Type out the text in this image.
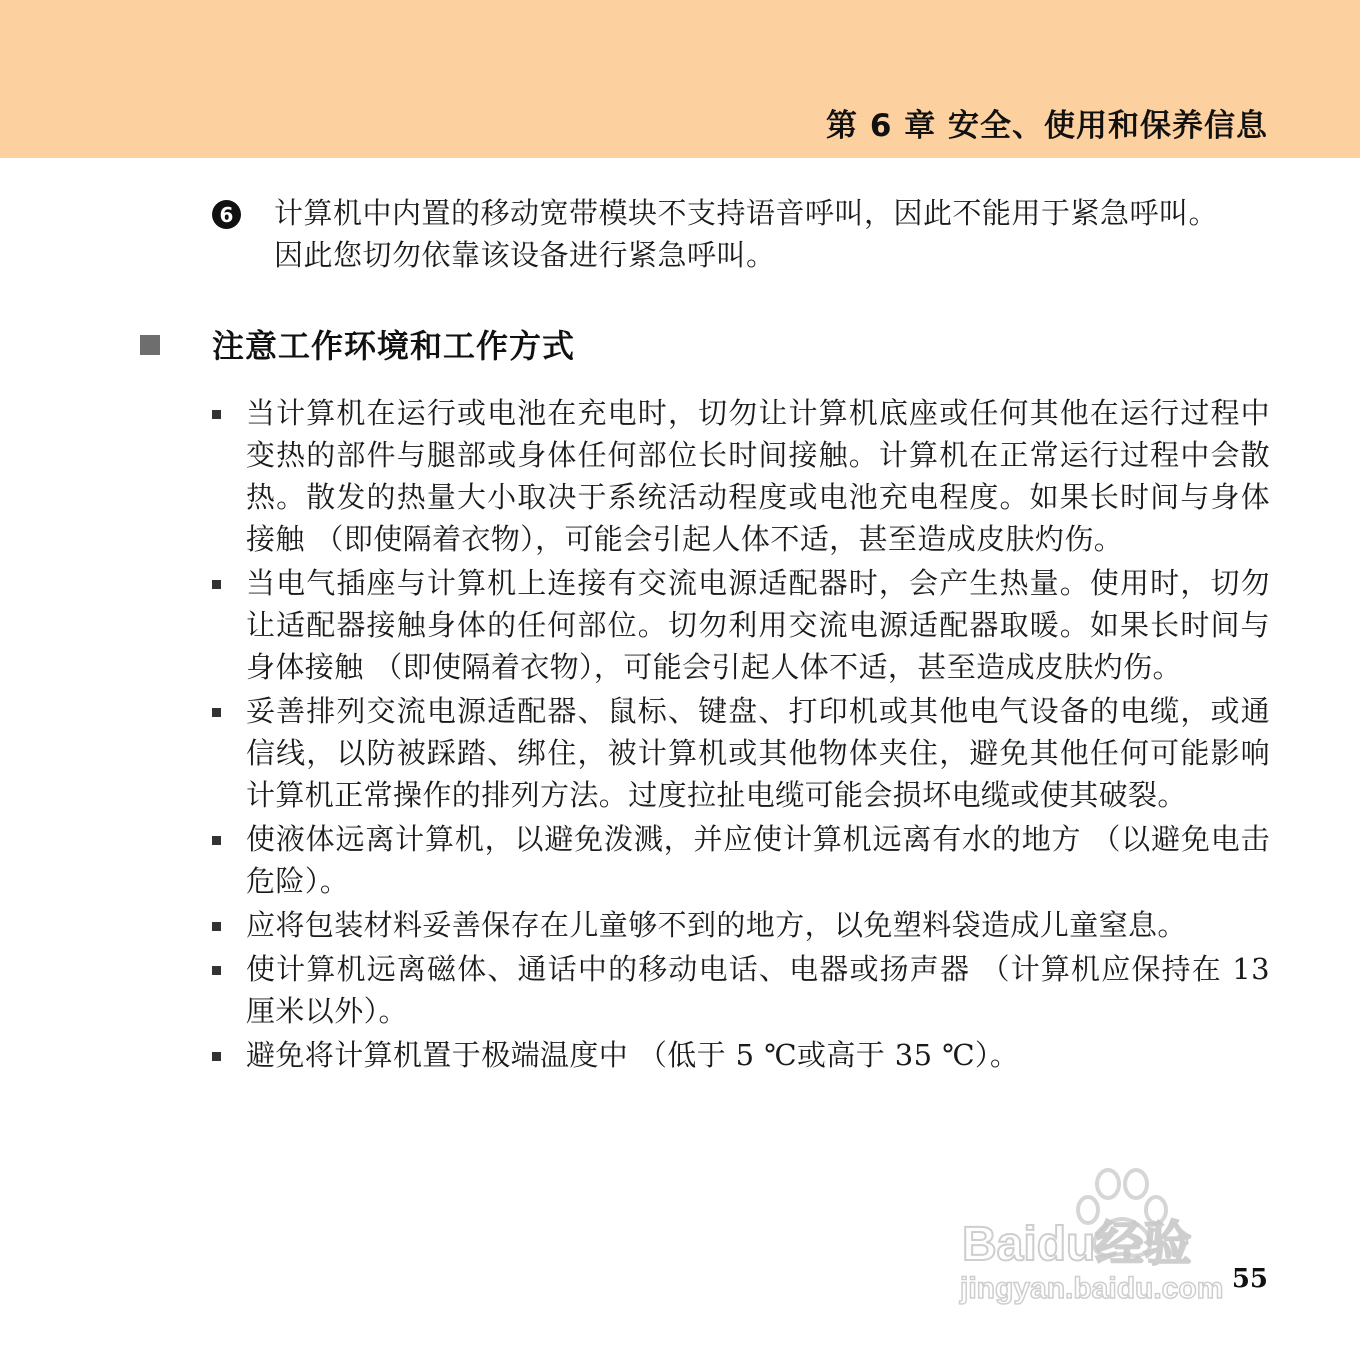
第 6 章 安全、使用和保养信息
6 计算机中内置的移动宽带模块不支持语音呼叫，因此不能用于紧急呼叫。因此您切勿依靠该设备进行紧急呼叫。
注意工作环境和工作方式
当计算机在运行或电池在充电时，切勿让计算机底座或任何其他在运行过程中变热的部件与腿部或身体任何部位长时间接触。计算机在正常运行过程中会散热。散发的热量大小取决于系统活动程度或电池充电程度。如果长时间与身体接触 （即使隔着衣物），可能会引起人体不适，甚至造成皮肤灼伤。
当电气插座与计算机上连接有交流电源适配器时，会产生热量。使用时，切勿让适配器接触身体的任何部位。切勿利用交流电源适配器取暖。如果长时间与身体接触 （即使隔着衣物），可能会引起人体不适，甚至造成皮肤灼伤。
妥善排列交流电源适配器、鼠标、键盘、打印机或其他电气设备的电缆，或通信线，以防被踩踏、绑住，被计算机或其他物体夹住，避免其他任何可能影响计算机正常操作的排列方法。过度拉扯电缆可能会损坏电缆或使其破裂。
使液体远离计算机，以避免泼溅，并应使计算机远离有水的地方 （以避免电击危险）。
应将包装材料妥善保存在儿童够不到的地方，以免塑料袋造成儿童窒息。
使计算机远离磁体、通话中的移动电话、电器或扬声器 （计算机应保持在 13 厘米以外）。
避免将计算机置于极端温度中 （低于 5 ℃或高于 35 ℃）。
Baidu经验
jingyan.baidu.com 55
